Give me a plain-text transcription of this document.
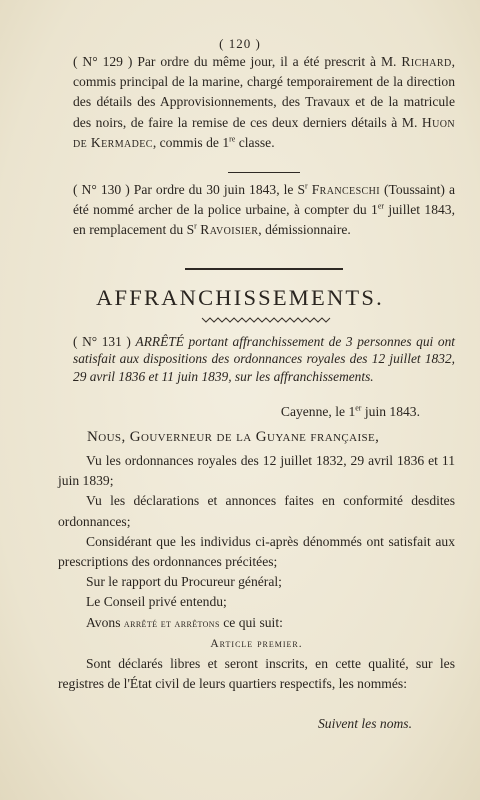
( 120 )
( N° 129 ) Par ordre du même jour, il a été prescrit à M. Richard, commis principal de la marine, chargé temporairement de la direction des détails des Approvisionnements, des Travaux et de la matricule des noirs, de faire la remise de ces deux derniers détails à M. Huon de Kermadec, commis de 1re classe.
( N° 130 ) Par ordre du 30 juin 1843, le $S^r$ Franceschi (Toussaint) a été nommé archer de la police urbaine, à compter du 1er juillet 1843, en remplacement du $S^r$ Ravoisier, démissionnaire.
AFFRANCHISSEMENTS.
( N° 131 ) ARRÊTÉ portant affranchissement de 3 personnes qui ont satisfait aux dispositions des ordonnances royales des 12 juillet 1832, 29 avril 1836 et 11 juin 1839, sur les affranchissements.
Cayenne, le 1er juin 1843.
Nous, Gouverneur de la Guyane française,

Vu les ordonnances royales des 12 juillet 1832, 29 avril 1836 et 11 juin 1839;

Vu les déclarations et annonces faites en conformité desdites ordonnances;

Considérant que les individus ci-après dénommés ont satisfait aux prescriptions des ordonnances précitées;

Sur le rapport du Procureur général;

Le Conseil privé entendu;

Avons arrêté et arrêtons ce qui suit:

Article premier.

Sont déclarés libres et seront inscrits, en cette qualité, sur les registres de l'État civil de leurs quartiers respectifs, les nommés:

Suivent les noms.
